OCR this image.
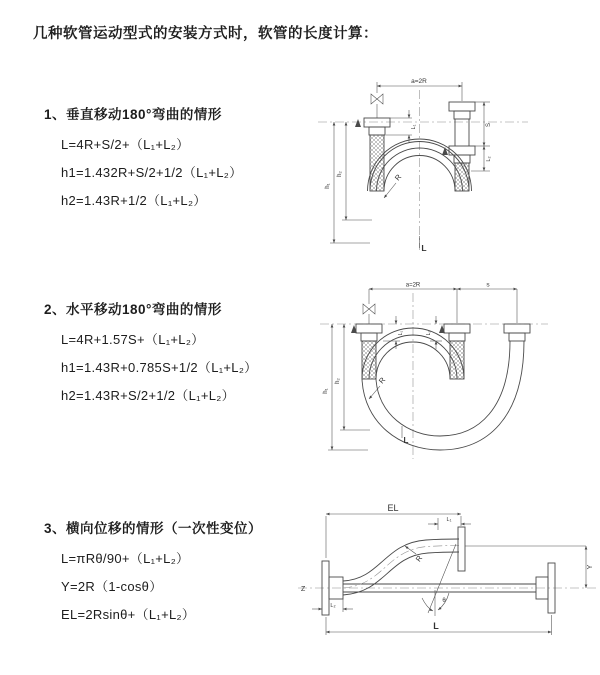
几种软管运动型式的安装方式时，软管的长度计算：
1、垂直移动180°弯曲的情形
L=4R+S/2+（L₁+L₂）
h1=1.432R+S/2+1/2（L₁+L₂）
h2=1.43R+1/2（L₁+L₂）
2、水平移动180°弯曲的情形
L=4R+1.57S+（L₁+L₂）
h1=1.43R+0.785S+1/2（L₁+L₂）
h2=1.43R+S/2+1/2（L₁+L₂）
3、横向位移的情形（一次性变位）
L=πRθ/90+（L₁+L₂）
Y=2R（1-cosθ）
EL=2Rsinθ+（L₁+L₂）
a=2R
h₁
h₂
L₁	S
L₂
R
L
a=2R	s
L₁	L₂
h₁
h₂	R
L
EL
L₁
Y
θ
R
L₂
Z
L
